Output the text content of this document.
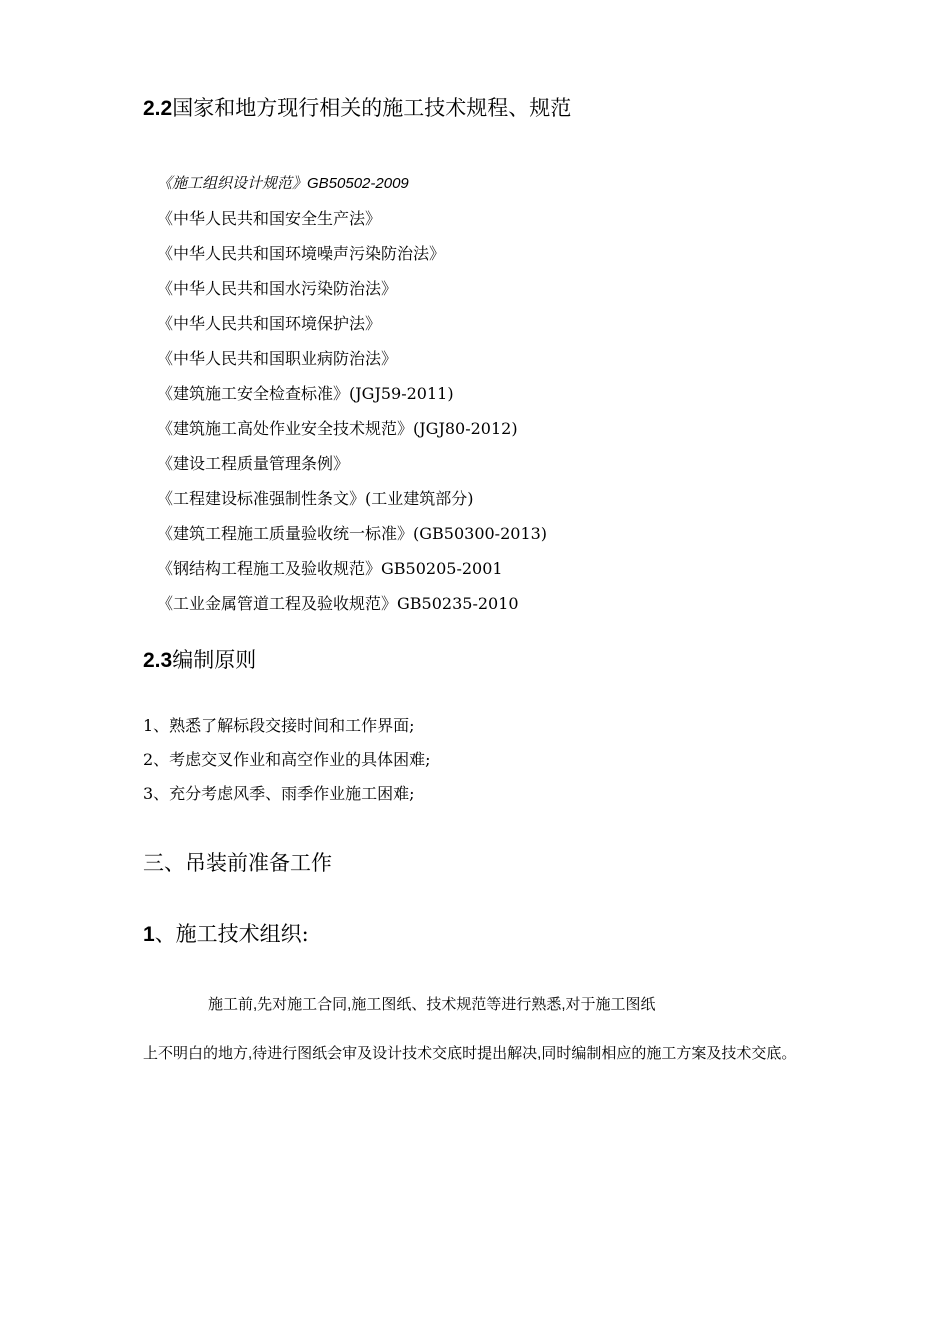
2.2国家和地方现行相关的施工技术规程、规范
《施工组织设计规范》GB50502-2009
《中华人民共和国安全生产法》
《中华人民共和国环境噪声污染防治法》
《中华人民共和国水污染防治法》
《中华人民共和国环境保护法》
《中华人民共和国职业病防治法》
《建筑施工安全检查标准》(JGJ59-2011)
《建筑施工高处作业安全技术规范》(JGJ80-2012)
《建设工程质量管理条例》
《工程建设标准强制性条文》(工业建筑部分)
《建筑工程施工质量验收统一标准》(GB50300-2013)
《钢结构工程施工及验收规范》GB50205-2001
《工业金属管道工程及验收规范》GB50235-2010
2.3编制原则
1、熟悉了解标段交接时间和工作界面;
2、考虑交叉作业和高空作业的具体困难;
3、充分考虑风季、雨季作业施工困难;
三、吊装前准备工作
1、施工技术组织:
施工前,先对施工合同,施工图纸、技术规范等进行熟悉,对于施工图纸
上不明白的地方,待进行图纸会审及设计技术交底时提出解决,同时编制相应的施工方案及技术交底。
